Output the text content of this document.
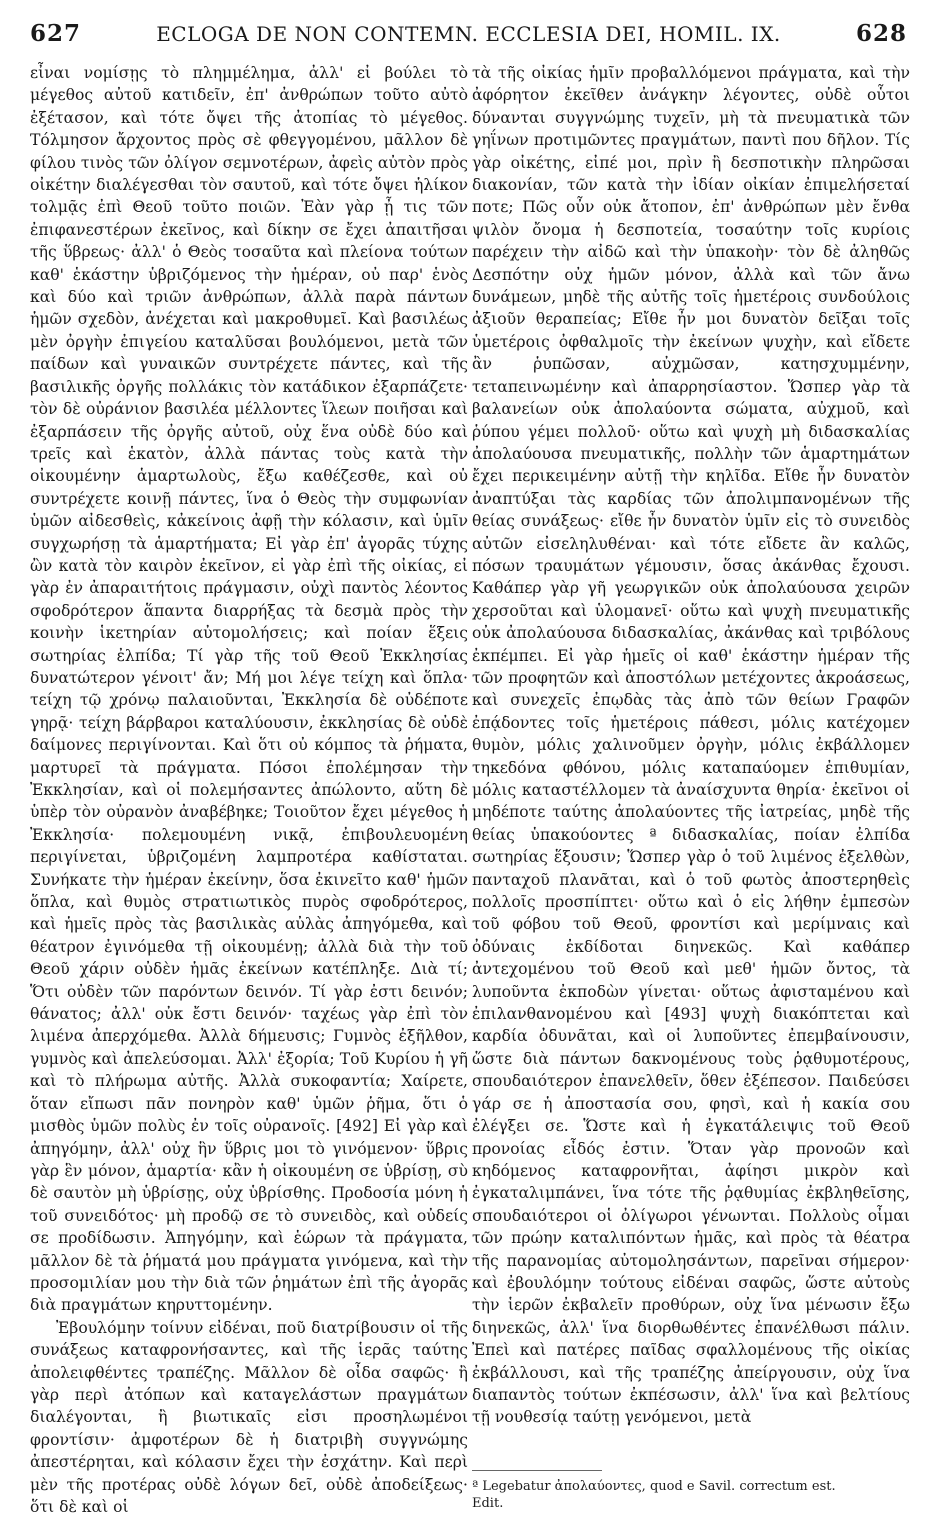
627	ECLOGA DE NON CONTEMN. ECCLESIA DEI, HOMIL. IX.	628

εἶναι νομίσῃς τὸ πλημμέλημα, ἀλλ' εἰ βούλει τὸ μέγεθος αὐτοῦ κατιδεῖν, ἐπ' ἀνθρώπων τοῦτο αὐτὸ ἐξέτασον, καὶ τότε ὄψει τῆς ἀτοπίας τὸ μέγεθος. Τόλμησον ἄρχοντος πρὸς σὲ φθεγγομένου, μᾶλλον δὲ φίλου τινὸς τῶν ὀλίγον σεμνοτέρων, ἀφεὶς αὐτὸν πρὸς οἰκέτην διαλέγεσθαι τὸν σαυτοῦ, καὶ τότε ὄψει ἡλίκον τολμᾷς ἐπὶ Θεοῦ τοῦτο ποιῶν. Ἐὰν γὰρ ᾖ τις τῶν ἐπιφανεστέρων ἐκεῖνος, καὶ δίκην σε ἔχει ἀπαιτῆσαι τῆς ὕβρεως· ἀλλ' ὁ Θεὸς τοσαῦτα καὶ πλείονα τούτων καθ' ἑκάστην ὑβριζόμενος τὴν ἡμέραν, οὐ παρ' ἑνὸς καὶ δύο καὶ τριῶν ἀνθρώπων, ἀλλὰ παρὰ πάντων ἡμῶν σχεδὸν, ἀνέχεται καὶ μακροθυμεῖ. Καὶ βασιλέως μὲν ὀργὴν ἐπιγείου καταλῦσαι βουλόμενοι, μετὰ τῶν παίδων καὶ γυναικῶν συντρέχετε πάντες, καὶ τῆς βασιλικῆς ὀργῆς πολλάκις τὸν κατάδικον ἐξαρπάζετε· τὸν δὲ οὐράνιον βασιλέα μέλλοντες ἵλεων ποιῆσαι καὶ ἐξαρπάσειν τῆς ὀργῆς αὐτοῦ, οὐχ ἕνα οὐδὲ δύο καὶ τρεῖς καὶ ἑκατὸν, ἀλλὰ πάντας τοὺς κατὰ τὴν οἰκουμένην ἁμαρτωλοὺς, ἔξω καθέζεσθε, καὶ οὐ συντρέχετε κοινῇ πάντες, ἵνα ὁ Θεὸς τὴν συμφωνίαν ὑμῶν αἰδεσθεὶς, κἀκείνοις ἀφῇ τὴν κόλασιν, καὶ ὑμῖν συγχωρήσῃ τὰ ἁμαρτήματα; Εἰ γὰρ ἐπ' ἀγορᾶς τύχης ὢν κατὰ τὸν καιρὸν ἐκεῖνον, εἰ γὰρ ἐπὶ τῆς οἰκίας, εἰ γὰρ ἐν ἀπαραιτήτοις πράγμασιν, οὐχὶ παντὸς λέοντος σφοδρότερον ἅπαντα διαρρήξας τὰ δεσμὰ πρὸς τὴν κοινὴν ἱκετηρίαν αὐτομολήσεις; καὶ ποίαν ἕξεις σωτηρίας ἐλπίδα; Τί γὰρ τῆς τοῦ Θεοῦ Ἐκκλησίας δυνατώτερον γένοιτ' ἄν; Μή μοι λέγε τείχη καὶ ὅπλα· τείχη τῷ χρόνῳ παλαιοῦνται, Ἐκκλησία δὲ οὐδέποτε γηρᾷ· τείχη βάρβαροι καταλύουσιν, ἐκκλησίας δὲ οὐδὲ δαίμονες περιγίνονται. Καὶ ὅτι οὐ κόμπος τὰ ῥήματα, μαρτυρεῖ τὰ πράγματα. Πόσοι ἐπολέμησαν τὴν Ἐκκλησίαν, καὶ οἱ πολεμήσαντες ἀπώλοντο, αὕτη δὲ ὑπὲρ τὸν οὐρανὸν ἀναβέβηκε; Τοιοῦτον ἔχει μέγεθος ἡ Ἐκκλησία· πολεμουμένη νικᾷ, ἐπιβουλευομένη περιγίνεται, ὑβριζομένη λαμπροτέρα καθίσταται. Συνήκατε τὴν ἡμέραν ἐκείνην, ὅσα ἐκινεῖτο καθ' ἡμῶν ὅπλα, καὶ θυμὸς στρατιωτικὸς πυρὸς σφοδρότερος, καὶ ἡμεῖς πρὸς τὰς βασιλικὰς αὐλὰς ἀπηγόμεθα, καὶ θέατρον ἐγινόμεθα τῇ οἰκουμένῃ; ἀλλὰ διὰ τὴν τοῦ Θεοῦ χάριν οὐδὲν ἡμᾶς ἐκείνων κατέπληξε. Διὰ τί; Ὅτι οὐδὲν τῶν παρόντων δεινόν. Τί γὰρ ἐστι δεινόν; θάνατος; ἀλλ' οὐκ ἔστι δεινόν· ταχέως γὰρ ἐπὶ τὸν λιμένα ἀπερχόμεθα. Ἀλλὰ δήμευσις; Γυμνὸς ἐξῆλθον, γυμνὸς καὶ ἀπελεύσομαι. Ἀλλ' ἐξορία; Τοῦ Κυρίου ἡ γῆ καὶ τὸ πλήρωμα αὐτῆς. Ἀλλὰ συκοφαντία; Χαίρετε, ὅταν εἴπωσι πᾶν πονηρὸν καθ' ὑμῶν ῥῆμα, ὅτι ὁ μισθὸς ὑμῶν πολὺς ἐν τοῖς οὐρανοῖς. [492] Εἰ γὰρ καὶ ἀπηγόμην, ἀλλ' οὐχ ἣν ὕβρις μοι τὸ γινόμενον· ὕβρις γὰρ ἓν μόνον, ἁμαρτία· κἂν ἡ οἰκουμένη σε ὑβρίσῃ, σὺ δὲ σαυτὸν μὴ ὑβρίσῃς, οὐχ ὑβρίσθης. Προδοσία μόνη ἡ τοῦ συνειδότος· μὴ προδῷ σε τὸ συνειδὸς, καὶ οὐδείς σε προδίδωσιν. Ἀπηγόμην, καὶ ἑώρων τὰ πράγματα, μᾶλλον δὲ τὰ ῥήματά μου πράγματα γινόμενα, καὶ τὴν προσομιλίαν μου τὴν διὰ τῶν ῥημάτων ἐπὶ τῆς ἀγορᾶς διὰ πραγμάτων κηρυττομένην.

Ἐβουλόμην τοίνυν εἰδέναι, ποῦ διατρίβουσιν οἱ τῆς συνάξεως καταφρονήσαντες, καὶ τῆς ἱερᾶς ταύτης ἀπολειφθέντες τραπέζης. Μᾶλλον δὲ οἶδα σαφῶς· ἢ γὰρ περὶ ἀτόπων καὶ καταγελάστων πραγμάτων διαλέγονται, ἢ βιωτικαῖς εἰσι προσηλωμένοι φροντίσιν· ἀμφοτέρων δὲ ἡ διατριβὴ συγγνώμης ἀπεστέρηται, καὶ κόλασιν ἔχει τὴν ἐσχάτην. Καὶ περὶ μὲν τῆς προτέρας οὐδὲ λόγων δεῖ, οὐδὲ ἀποδείξεως· ὅτι δὲ καὶ οἱ

τὰ τῆς οἰκίας ἡμῖν προβαλλόμενοι πράγματα, καὶ τὴν ἀφόρητον ἐκεῖθεν ἀνάγκην λέγοντες, οὐδὲ οὗτοι δύνανται συγγνώμης τυχεῖν, μὴ τὰ πνευματικὰ τῶν γηΐνων προτιμῶντες πραγμάτων, παντὶ που δῆλον. Τίς γὰρ οἰκέτης, εἰπέ μοι, πρὶν ἢ δεσποτικὴν πληρῶσαι διακονίαν, τῶν κατὰ τὴν ἰδίαν οἰκίαν ἐπιμελήσεταί ποτε; Πῶς οὖν οὐκ ἄτοπον, ἐπ' ἀνθρώπων μὲν ἔνθα ψιλὸν ὄνομα ἡ δεσποτεία, τοσαύτην τοῖς κυρίοις παρέχειν τὴν αἰδῶ καὶ τὴν ὑπακοὴν· τὸν δὲ ἀληθῶς Δεσπότην οὐχ ἡμῶν μόνον, ἀλλὰ καὶ τῶν ἄνω δυνάμεων, μηδὲ τῆς αὐτῆς τοῖς ἡμετέροις συνδούλοις ἀξιοῦν θεραπείας; Εἴθε ἦν μοι δυνατὸν δεῖξαι τοῖς ὑμετέροις ὀφθαλμοῖς τὴν ἐκείνων ψυχὴν, καὶ εἴδετε ἂν ῥυπῶσαν, αὐχμῶσαν, κατησχυμμένην, τεταπεινωμένην καὶ ἀπαρρησίαστον. Ὥσπερ γὰρ τὰ βαλανείων οὐκ ἀπολαύοντα σώματα, αὐχμοῦ, καὶ ῥύπου γέμει πολλοῦ· οὕτω καὶ ψυχὴ μὴ διδασκαλίας ἀπολαύουσα πνευματικῆς, πολλὴν τῶν ἁμαρτημάτων ἔχει περικειμένην αὐτῇ τὴν κηλῖδα. Εἴθε ἦν δυνατὸν ἀναπτύξαι τὰς καρδίας τῶν ἀπολιμπανομένων τῆς θείας συνάξεως· εἴθε ἦν δυνατὸν ὑμῖν εἰς τὸ συνειδὸς αὐτῶν εἰσεληλυθέναι· καὶ τότε εἴδετε ἂν καλῶς, πόσων τραυμάτων γέμουσιν, ὅσας ἀκάνθας ἔχουσι. Καθάπερ γὰρ γῆ γεωργικῶν οὐκ ἀπολαύουσα χειρῶν χερσοῦται καὶ ὑλομανεῖ· οὕτω καὶ ψυχὴ πνευματικῆς οὐκ ἀπολαύουσα διδασκαλίας, ἀκάνθας καὶ τριβόλους ἐκπέμπει. Εἰ γὰρ ἡμεῖς οἱ καθ' ἑκάστην ἡμέραν τῆς τῶν προφητῶν καὶ ἀποστόλων μετέχοντες ἀκροάσεως, καὶ συνεχεῖς ἐπῳδὰς τὰς ἀπὸ τῶν θείων Γραφῶν ἐπᾴδοντες τοῖς ἡμετέροις πάθεσι, μόλις κατέχομεν θυμὸν, μόλις χαλινοῦμεν ὀργὴν, μόλις ἐκβάλλομεν τηκεδόνα φθόνου, μόλις καταπαύομεν ἐπιθυμίαν, μόλις καταστέλλομεν τὰ ἀναίσχυντα θηρία· ἐκεῖνοι οἱ μηδέποτε ταύτης ἀπολαύοντες τῆς ἰατρείας, μηδὲ τῆς θείας ὑπακούοντες ª διδασκαλίας, ποίαν ἐλπίδα σωτηρίας ἕξουσιν; Ὥσπερ γὰρ ὁ τοῦ λιμένος ἐξελθὼν, πανταχοῦ πλανᾶται, καὶ ὁ τοῦ φωτὸς ἀποστερηθεὶς πολλοῖς προσπίπτει· οὕτω καὶ ὁ εἰς λήθην ἐμπεσὼν τοῦ φόβου τοῦ Θεοῦ, φροντίσι καὶ μερίμναις καὶ ὀδύναις ἐκδίδοται διηνεκῶς. Καὶ καθάπερ ἀντεχομένου τοῦ Θεοῦ καὶ μεθ' ἡμῶν ὄντος, τὰ λυποῦντα ἐκποδὼν γίνεται· οὕτως ἀφισταμένου καὶ ἐπιλανθανομένου καὶ [493] ψυχὴ διακόπτεται καὶ καρδία ὀδυνᾶται, καὶ οἱ λυποῦντες ἐπεμβαίνουσιν, ὥστε διὰ πάντων δακνομένους τοὺς ῥᾳθυμοτέρους, σπουδαιότερον ἐπανελθεῖν, ὅθεν ἐξέπεσον. Παιδεύσει γάρ σε ἡ ἀποστασία σου, φησὶ, καὶ ἡ κακία σου ἐλέγξει σε. Ὥστε καὶ ἡ ἐγκατάλειψις τοῦ Θεοῦ προνοίας εἶδός ἐστιν. Ὅταν γὰρ προνοῶν καὶ κηδόμενος καταφρονῆται, ἀφίησι μικρὸν καὶ ἐγκαταλιμπάνει, ἵνα τότε τῆς ῥᾳθυμίας ἐκβληθεῖσης, σπουδαιότεροι οἱ ὀλίγωροι γένωνται. Πολλοὺς οἶμαι τῶν πρώην καταλιπόντων ἡμᾶς, καὶ πρὸς τὰ θέατρα τῆς παρανομίας αὐτομολησάντων, παρεῖναι σήμερον· καὶ ἐβουλόμην τούτους εἰδέναι σαφῶς, ὥστε αὐτοὺς τὴν ἱερῶν ἐκβαλεῖν προθύρων, οὐχ ἵνα μένωσιν ἔξω διηνεκῶς, ἀλλ' ἵνα διορθωθέντες ἐπανέλθωσι πάλιν. Ἐπεὶ καὶ πατέρες παῖδας σφαλλομένους τῆς οἰκίας ἐκβάλλουσι, καὶ τῆς τραπέζης ἀπείργουσιν, οὐχ ἵνα διαπαντὸς τούτων ἐκπέσωσιν, ἀλλ' ἵνα καὶ βελτίους τῇ νουθεσίᾳ ταύτῃ γενόμενοι, μετὰ

ª Legebatur ἀπολαύοντες, quod e Savil. correctum est.
Edit.
